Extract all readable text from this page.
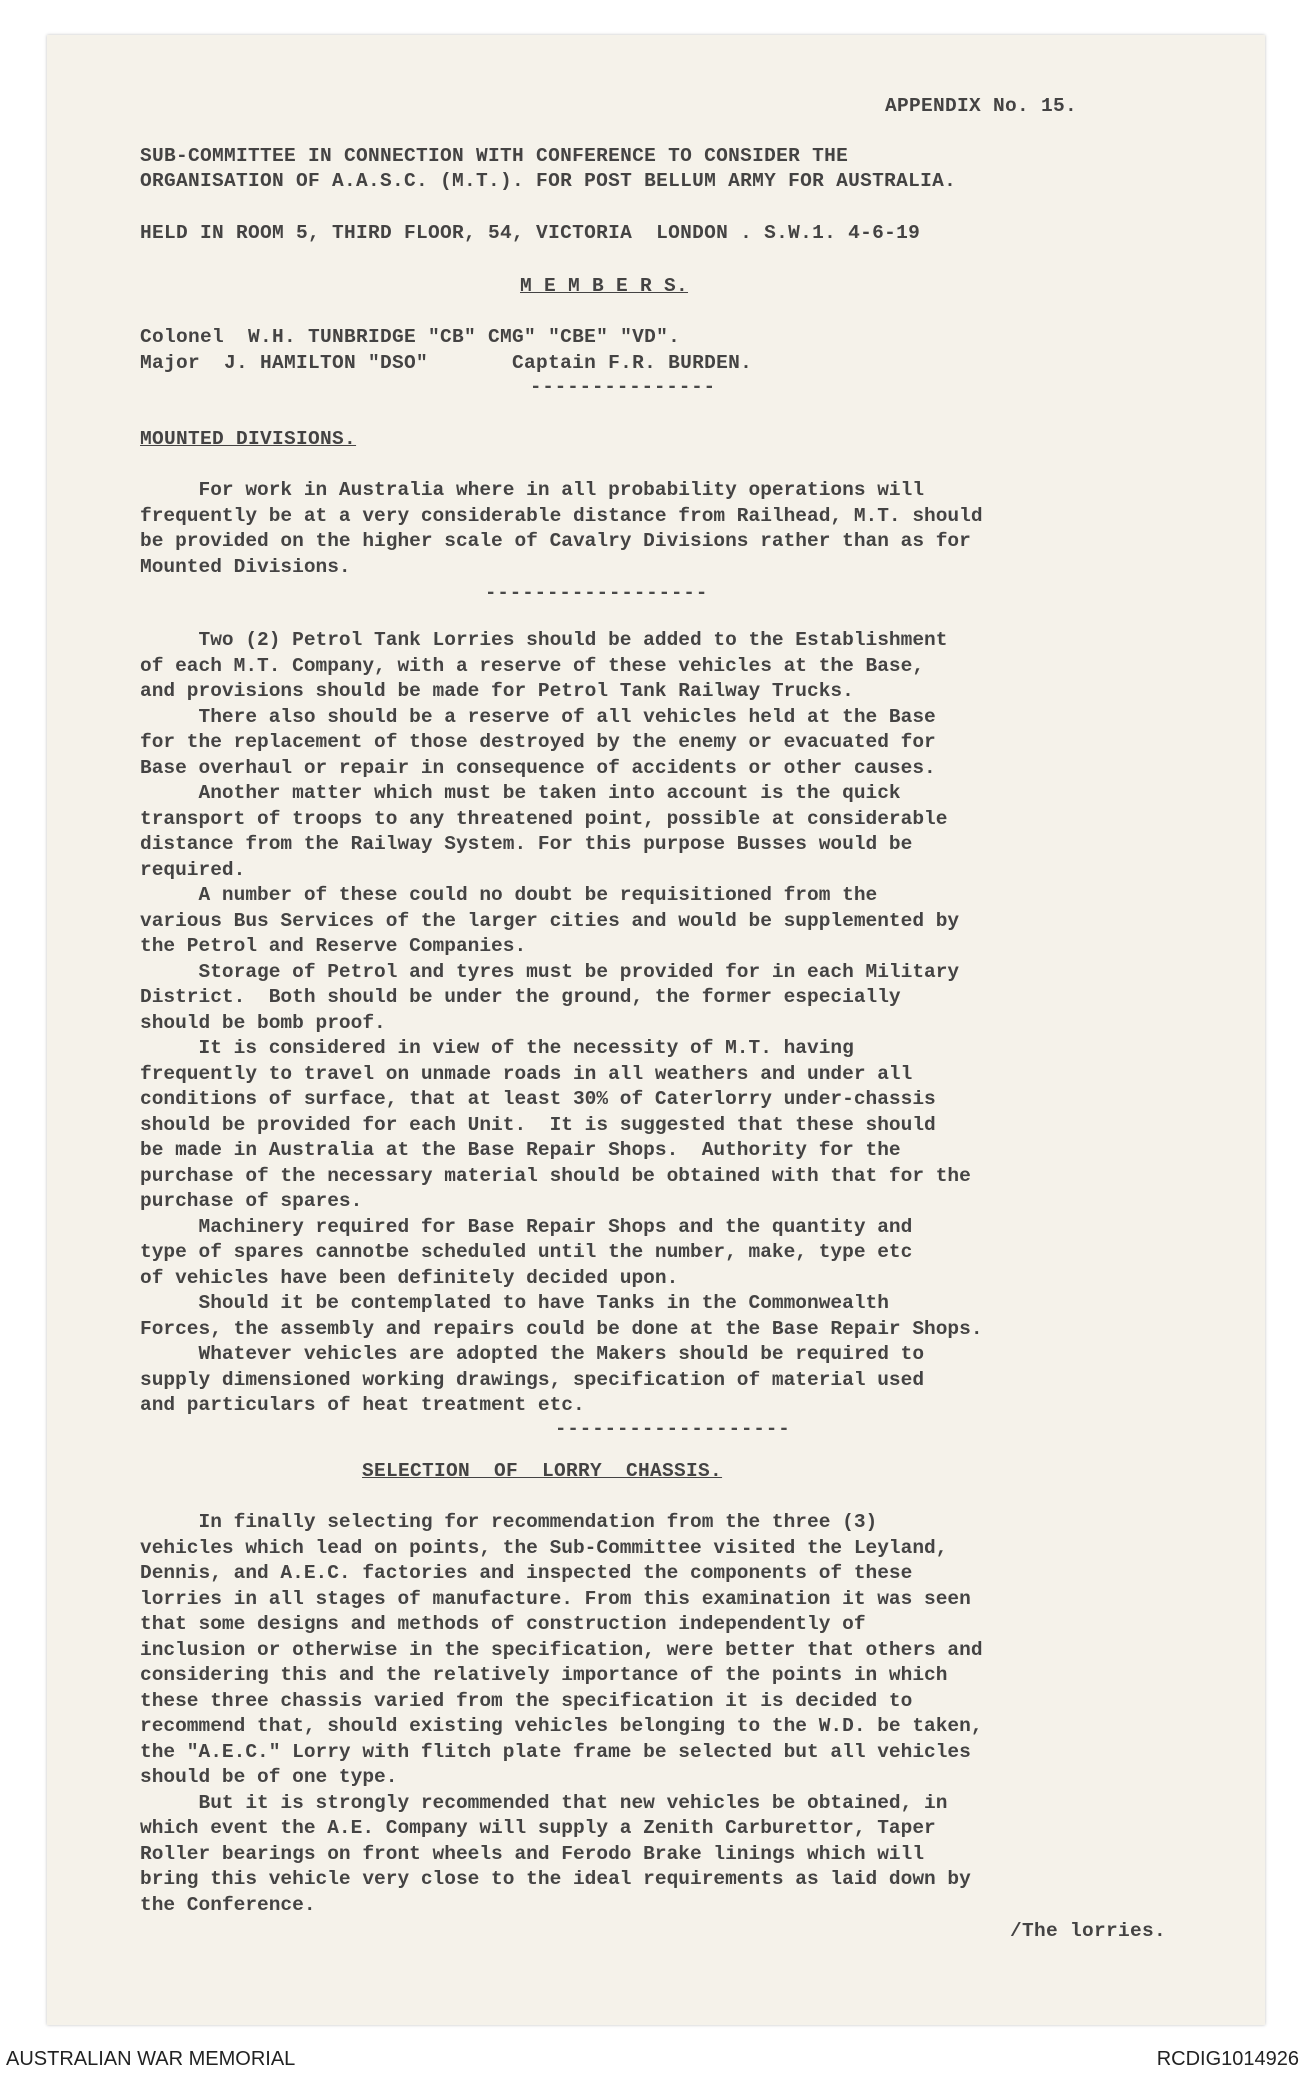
APPENDIX No. 15.
SUB-COMMITTEE IN CONNECTION WITH CONFERENCE TO CONSIDER THE
ORGANISATION OF A.A.S.C. (M.T.). FOR POST BELLUM ARMY FOR AUSTRALIA.
HELD IN ROOM 5, THIRD FLOOR, 54, VICTORIA  LONDON . S.W.1. 4-6-19
M E M B E R S.
Colonel  W.H. TUNBRIDGE "CB" CMG" "CBE" "VD".
Major  J. HAMILTON "DSO"       Captain F.R. BURDEN.
---------------
MOUNTED DIVISIONS.
For work in Australia where in all probability operations will
frequently be at a very considerable distance from Railhead, M.T. should
be provided on the higher scale of Cavalry Divisions rather than as for
Mounted Divisions.
------------------
Two (2) Petrol Tank Lorries should be added to the Establishment
of each M.T. Company, with a reserve of these vehicles at the Base,
and provisions should be made for Petrol Tank Railway Trucks.
There also should be a reserve of all vehicles held at the Base
for the replacement of those destroyed by the enemy or evacuated for
Base overhaul or repair in consequence of accidents or other causes.
Another matter which must be taken into account is the quick
transport of troops to any threatened point, possible at considerable
distance from the Railway System. For this purpose Busses would be
required.
A number of these could no doubt be requisitioned from the
various Bus Services of the larger cities and would be supplemented by
the Petrol and Reserve Companies.
Storage of Petrol and tyres must be provided for in each Military
District.  Both should be under the ground, the former especially
should be bomb proof.
It is considered in view of the necessity of M.T. having
frequently to travel on unmade roads in all weathers and under all
conditions of surface, that at least 30% of Caterlorry under-chassis
should be provided for each Unit.  It is suggested that these should
be made in Australia at the Base Repair Shops.  Authority for the
purchase of the necessary material should be obtained with that for the
purchase of spares.
Machinery required for Base Repair Shops and the quantity and
type of spares cannotbe scheduled until the number, make, type etc
of vehicles have been definitely decided upon.
Should it be contemplated to have Tanks in the Commonwealth
Forces, the assembly and repairs could be done at the Base Repair Shops.
Whatever vehicles are adopted the Makers should be required to
supply dimensioned working drawings, specification of material used
and particulars of heat treatment etc.
-------------------
SELECTION  OF  LORRY  CHASSIS.
In finally selecting for recommendation from the three (3)
vehicles which lead on points, the Sub-Committee visited the Leyland,
Dennis, and A.E.C. factories and inspected the components of these
lorries in all stages of manufacture. From this examination it was seen
that some designs and methods of construction independently of
inclusion or otherwise in the specification, were better that others and
considering this and the relatively importance of the points in which
these three chassis varied from the specification it is decided to
recommend that, should existing vehicles belonging to the W.D. be taken,
the "A.E.C." Lorry with flitch plate frame be selected but all vehicles
should be of one type.
But it is strongly recommended that new vehicles be obtained, in
which event the A.E. Company will supply a Zenith Carburettor, Taper
Roller bearings on front wheels and Ferodo Brake linings which will
bring this vehicle very close to the ideal requirements as laid down by
the Conference.
/The lorries.
AUSTRALIAN WAR MEMORIAL	RCDIG1014926
